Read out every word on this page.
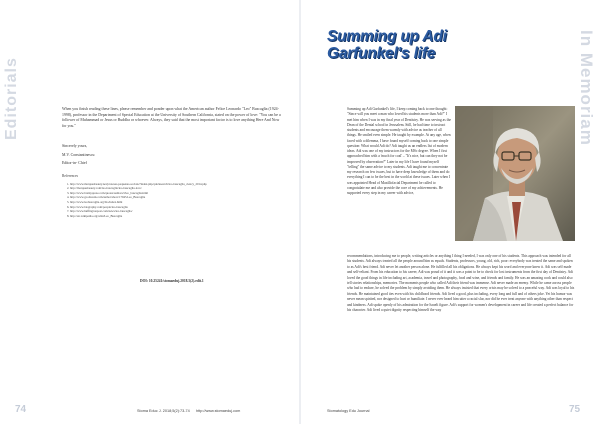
Editorials	When you finish reading these lines, please remember and ponder upon what the American author Felice Leonardo "Leo" Buscaglia (1924-1998), professor in the Department of Special Education at the University of Southern California, stated on the power of love: "You can be a follower of Muhammad or Jesus or Buddha or whoever. Always, they said that the most important factor is to love anything Here And Now for you."
Sincerely yours,
M.V. Constantinescu
Editor-in- Chief
References
1. http://www.marquesbeauty.net/proteses-pequenas-sociais/?index.php/quicksearch/leo-buscaglia_ciency_2014.php
2. http://marquesbeauty.com/leo-buscaglia/leo-buscaglia-love/
3. http://www.brainyquote.com/quotes/authors/l/leo_buscaglia.html
4. http://www.goodreads.com/author/show/17945.Leo_Buscaglia
5. http://www.leobuscaglia.org/bio/index.html
6. http://www.biography.com/people/leo-buscaglia
7. http://www.huffingtonpost.com/news/leo-buscaglia/
8. http://en.wikipedia.org/wiki/Leo_Buscaglia
DOI: 10.25241/stomaeduj.2018.5(2).edit.1
74	Stoma Educ J. 2018;5(2):73-74 http://www.stomaeduj.com
Summing up Adi Garfunkel's life	In Memoriam
Summing up Adi Garfunkel's life, I keep coming back to one thought: "Since will you meet a man who loved his students more than Adi?" I met him when I was in my final year of Dentistry. He was serving as the Dean of the Dental school in Jerusalem. Still, he had time to instruct students and encourage them warmly with advice as teacher of all things. He smiled even simple. He taught by example. At any age, when faced with a dilemma, I have found myself coming back to one simple question: What would Adi do? Adi taught us an endless list of modern ideas. Adi was one of my instructors for the MSc degree. When I first approached him with a 'much for coal' – "It's nice, but can they not be improved by observation?" Later in my life I have found myself "telling" the same advice to my students. Adi taught me to concentrate my research on few issues, but to have deep knowledge of them and do everything I can to be the best in the world at these issues. Later when I was appointed Head of Maxillofacial Department he called to congratulate me and also provide the core of my achievements. He supported every step in my career with advice,
recommendations, introducing me to people, writing articles or anything I thing I needed, I was only one of his students. This approach was intended for all his students. Adi always treated all the people around him as equals. Students, professors, young, old, rich, poor: everybody was treated the same and spoken to as Adi's best friend. Adi never let another person alone. He fulfilled all his obligations. He always kept his word and everyone knew it. Adi was self made and self-reliant. From his education to his career, Adi was proud of it and it was a point to be to check for lost instruments from the first day of Dentistry. Adi loved the good things in life including art, academia, travel and photography, food and wine, and friends and family. He was an amazing cook and could also tell stories relationships, memories. The moments people who called Adi their friend was immense. Adi never made an enemy. While he came across people who had to endure, he solved the problem by simply avoiding them. He always insisted that every crisis may be solved to a peaceful way. Adi was loyal to his friends. He maintained good ties even with his childhood friends. Adi lived a good, plus including, every long and full and of others joke. Yet his humor was never mean spirited, nor designed to hurt or humiliate. I never ever heard him utter a racial slur, nor did he ever treat anyone with anything other than respect and kindness. Adi spoke openly of his admiration for the Israeli figure. Adi's support for women's development in career and life created a perfect balance for his character. Adi lived a quiet dignity respecting himself the way
Stomatology Edu Journal	75
